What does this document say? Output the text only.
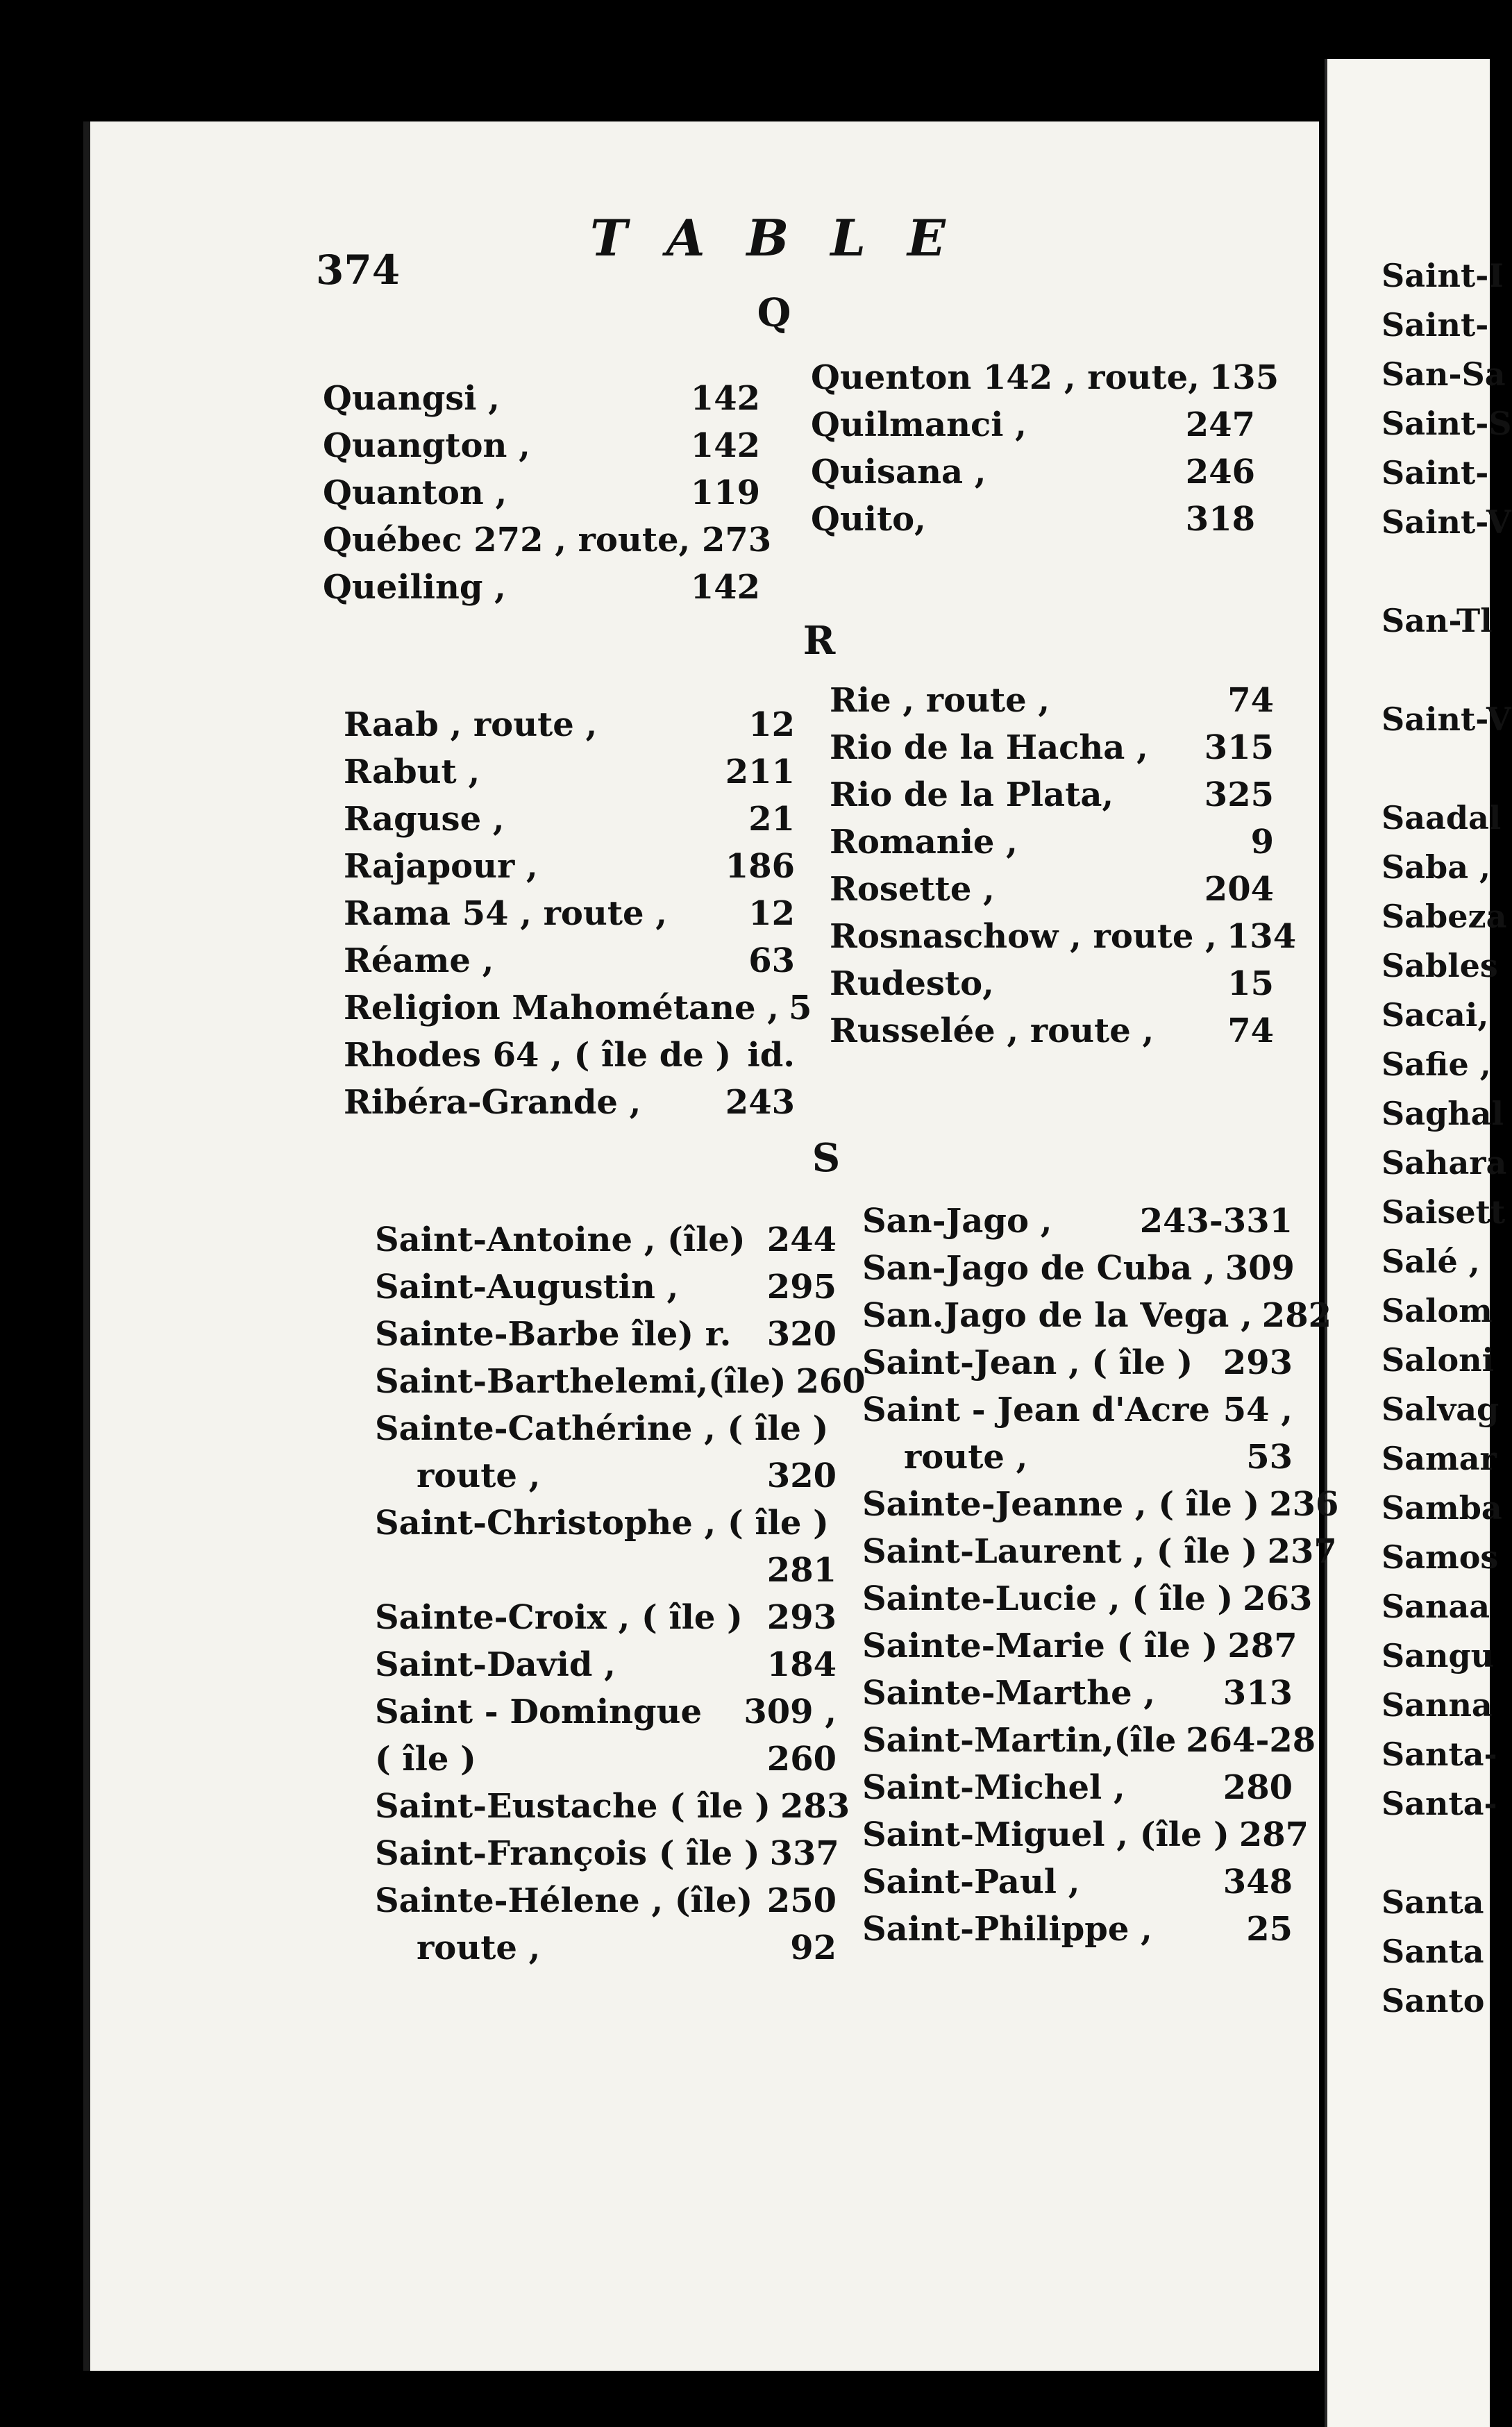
374
TABLE
Q
Quangsi ,	142
Quangton ,	142
Quanton ,	119
Québec 272 , route, 273
Queiling ,	142
Quenton 142 , route, 135
Quilmanci ,	247
Quisana ,	246
Quito,	318
R
Raab , route ,	12
Rabut ,	211
Raguse ,	21
Rajapour ,	186
Rama 54 , route , 12
Réame ,	63
Religion Mahométane , 5
Rhodes 64 , ( île de ) id.
Ribéra-Grande ,	243
Rie , route ,	74
Rio de la Hacha , 315
Rio de la Plata,	325
Romanie ,	9
Rosette ,	204
Rosnaschow , route , 134
Rudesto,	15
Russelée , route , 74
S
Saint-Antoine , (île) 244
Saint-Augustin ,	295
Sainte-Barbe île) r. 320
Saint-Barthelemi,(île) 260
Sainte-Cathérine , ( île )
route ,	320
Saint-Christophe , ( île )
281
Sainte-Croix , ( île ) 293
Saint-David ,	184
Saint - Domingue 309 ,
( île )	260
Saint-Eustache ( île ) 283
Saint-François ( île ) 337
Sainte-Hélene , (île) 250
route ,	92
San-Jago ,	243-331
San-Jago de Cuba , 309
San.Jago de la Vega , 282
Saint-Jean , ( île ) 293
Saint - Jean d'Acre 54 ,
route ,	53
Sainte-Jeanne , ( île ) 236
Saint-Laurent , ( île ) 237
Sainte-Lucie , ( île ) 263
Sainte-Marie ( île ) 287
Sainte-Marthe , 313
Saint-Martin,(île 264-28
Saint-Michel ,	280
Saint-Miguel , (île ) 287
Saint-Paul ,	348
Saint-Philippe ,	25
Saint-I
Saint-
San-Sa
Saint-S
Saint-
Saint-V
San-Tl
Saint-V
Saadal
Saba ,
Sabeza
Sables
Sacai,
Safie ,
Saghal
Sahara
Saisett
Salé ,
Salom
Saloni
Salvag
Samar
Samba
Samos
Sanaa
Sangu
Sanna
Santa-
Santa-
Santa
Santa
Santo
